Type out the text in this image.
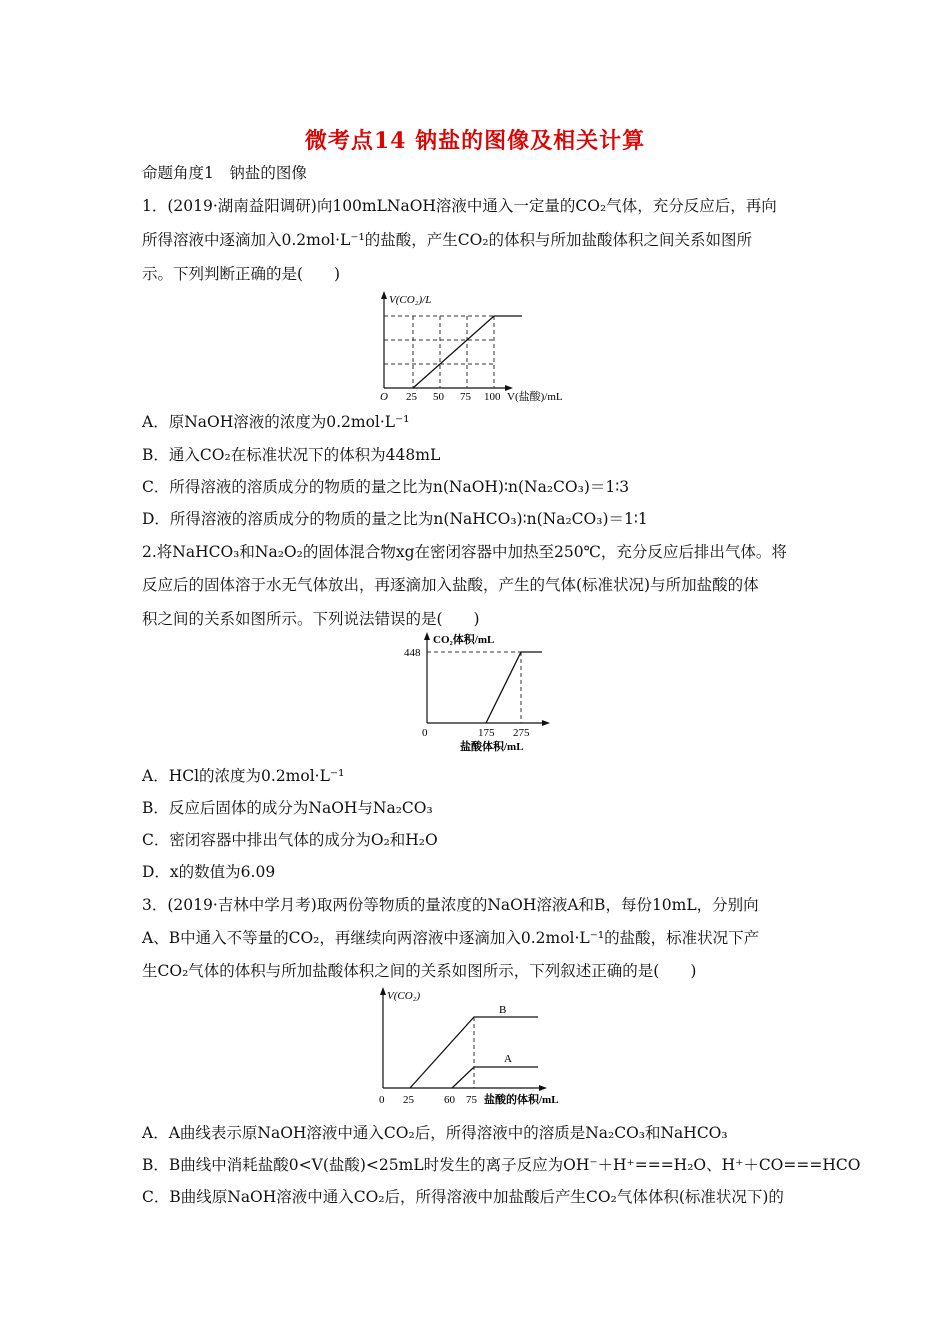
微考点14 钠盐的图像及相关计算
命题角度1　钠盐的图像
1．(2019·湖南益阳调研)向100mLNaOH溶液中通入一定量的CO₂气体，充分反应后，再向
所得溶液中逐滴加入0.2mol·L⁻¹的盐酸，产生CO₂的体积与所加盐酸体积之间关系如图所
示。下列判断正确的是(　　)
V(CO₂)/L
O 25 50 75 100 V(盐酸)/mL
A．原NaOH溶液的浓度为0.2mol·L⁻¹
B．通入CO₂在标准状况下的体积为448mL
C．所得溶液的溶质成分的物质的量之比为n(NaOH)∶n(Na₂CO₃)＝1∶3
D．所得溶液的溶质成分的物质的量之比为n(NaHCO₃)∶n(Na₂CO₃)＝1∶1
2.将NaHCO₃和Na₂O₂的固体混合物xg在密闭容器中加热至250℃，充分反应后排出气体。将
反应后的固体溶于水无气体放出，再逐滴加入盐酸，产生的气体(标准状况)与所加盐酸的体
积之间的关系如图所示。下列说法错误的是(　　)
CO₂体积/mL
448
0	175 275
盐酸体积/mL
A．HCl的浓度为0.2mol·L⁻¹
B．反应后固体的成分为NaOH与Na₂CO₃
C．密闭容器中排出气体的成分为O₂和H₂O
D．x的数值为6.09
3．(2019·吉林中学月考)取两份等物质的量浓度的NaOH溶液A和B，每份10mL，分别向
A、B中通入不等量的CO₂，再继续向两溶液中逐滴加入0.2mol·L⁻¹的盐酸，标准状况下产
生CO₂气体的体积与所加盐酸体积之间的关系如图所示，下列叙述正确的是(　　)
V(CO₂)
B
A
0 25	60 75 盐酸的体积/mL
A．A曲线表示原NaOH溶液中通入CO₂后，所得溶液中的溶质是Na₂CO₃和NaHCO₃
B．B曲线中消耗盐酸0<V(盐酸)<25mL时发生的离子反应为OH⁻＋H⁺===H₂O、H⁺＋CO===HCO
C．B曲线原NaOH溶液中通入CO₂后，所得溶液中加盐酸后产生CO₂气体体积(标准状况下)的
